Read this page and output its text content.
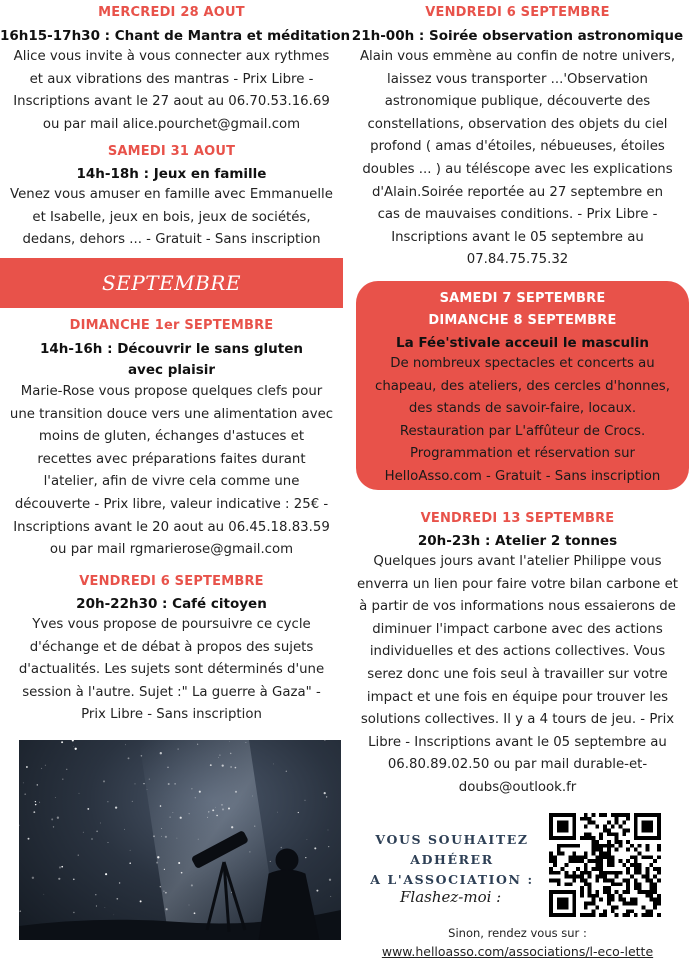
MERCREDI 28 AOUT
16h15-17h30 : Chant de Mantra et méditation
Alice vous invite à vous connecter aux rythmes
et aux vibrations des mantras - Prix Libre -
Inscriptions avant le 27 aout au 06.70.53.16.69
ou par mail alice.pourchet@gmail.com
SAMEDI 31 AOUT
14h-18h : Jeux en famille
Venez vous amuser en famille avec Emmanuelle
et Isabelle, jeux en bois, jeux de sociétés,
dedans, dehors ... - Gratuit - Sans inscription
DIMANCHE 1er SEPTEMBRE
14h-16h : Découvrir le sans gluten avec plaisir
Marie-Rose vous propose quelques clefs pour
une transition douce vers une alimentation avec
moins de gluten, échanges d'astuces et
recettes avec préparations faites durant
l'atelier, afin de vivre cela comme une
découverte - Prix libre, valeur indicative : 25€ -
Inscriptions avant le 20 aout au 06.45.18.83.59
ou par mail rgmarierose@gmail.com
VENDREDI 6 SEPTEMBRE
20h-22h30 : Café citoyen
Yves vous propose de poursuivre ce cycle
d'échange et de débat à propos des sujets
d'actualités. Les sujets sont déterminés d'une
session à l'autre. Sujet :" La guerre à Gaza" -
Prix Libre - Sans inscription
SEPTEMBRE
VENDREDI 6 SEPTEMBRE
21h-00h : Soirée observation astronomique
Alain vous emmène au confin de notre univers,
laissez vous transporter ...'Observation
astronomique publique, découverte des
constellations, observation des objets du ciel
profond ( amas d'étoiles, nébueuses, étoiles
doubles ... ) au téléscope avec les explications
d'Alain.Soirée reportée au 27 septembre en
cas de mauvaises conditions. - Prix Libre -
Inscriptions avant le 05 septembre au
07.84.75.75.32
VENDREDI 13 SEPTEMBRE
20h-23h : Atelier 2 tonnes
Quelques jours avant l'atelier Philippe vous
enverra un lien pour faire votre bilan carbone et
à partir de vos informations nous essaierons de
diminuer l'impact carbone avec des actions
individuelles et des actions collectives. Vous
serez donc une fois seul à travailler sur votre
impact et une fois en équipe pour trouver les
solutions collectives. Il y a 4 tours de jeu. - Prix
Libre - Inscriptions avant le 05 septembre au
06.80.89.02.50 ou par mail durable-et-
doubs@outlook.fr
SAMEDI 7 SEPTEMBRE
DIMANCHE 8 SEPTEMBRE
La Fée'stivale acceuil le masculin
De nombreux spectacles et concerts au
chapeau, des ateliers, des cercles d'honnes,
des stands de savoir-faire, locaux.
Restauration par L'affûteur de Crocs.
Programmation et réservation sur
HelloAsso.com - Gratuit - Sans inscription
VOUS SOUHAITEZ ADHÉRER
A L'ASSOCIATION :
Flashez-moi :
Sinon, rendez vous sur :
www.helloasso.com/associations/l-eco-lette
